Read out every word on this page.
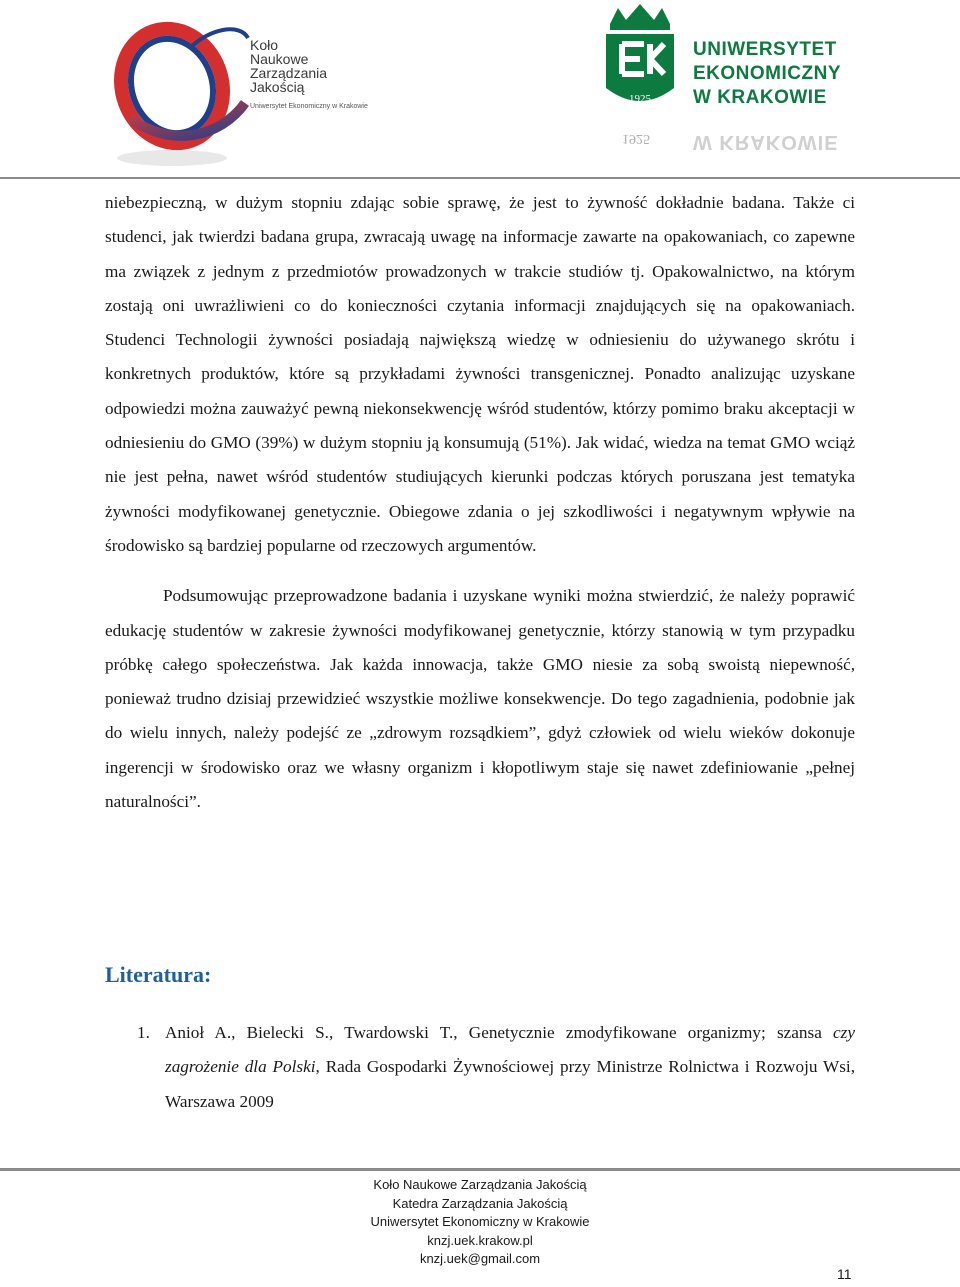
Koło
Naukowe
Zarządzania
Jakością
Uniwersytet Ekonomiczny w Krakowie
1925
UNIWERSYTET
EKONOMICZNY
W KRAKOWIE
1925 W KRAKOWIE

niebezpieczną, w dużym stopniu zdając sobie sprawę, że jest to żywność dokładnie badana. Także ci studenci, jak twierdzi badana grupa, zwracają uwagę na informacje zawarte na opakowaniach, co zapewne ma związek z jednym z przedmiotów prowadzonych w trakcie studiów tj. Opakowalnictwo, na którym zostają oni uwrażliwieni co do konieczności czytania informacji znajdujących się na opakowaniach. Studenci Technologii żywności posiadają największą wiedzę w odniesieniu do używanego skrótu i konkretnych produktów, które są przykładami żywności transgenicznej. Ponadto analizując uzyskane odpowiedzi można zauważyć pewną niekonsekwencję wśród studentów, którzy pomimo braku akceptacji w odniesieniu do GMO (39%) w dużym stopniu ją konsumują (51%). Jak widać, wiedza na temat GMO wciąż nie jest pełna, nawet wśród studentów studiujących kierunki podczas których poruszana jest tematyka żywności modyfikowanej genetycznie. Obiegowe zdania o jej szkodliwości i negatywnym wpływie na środowisko są bardziej popularne od rzeczowych argumentów.

Podsumowując przeprowadzone badania i uzyskane wyniki można stwierdzić, że należy poprawić edukację studentów w zakresie żywności modyfikowanej genetycznie, którzy stanowią w tym przypadku próbkę całego społeczeństwa. Jak każda innowacja, także GMO niesie za sobą swoistą niepewność, ponieważ trudno dzisiaj przewidzieć wszystkie możliwe konsekwencje. Do tego zagadnienia, podobnie jak do wielu innych, należy podejść ze „zdrowym rozsądkiem”, gdyż człowiek od wielu wieków dokonuje ingerencji w środowisko oraz we własny organizm i kłopotliwym staje się nawet zdefiniowanie „pełnej naturalności”.

Literatura:
1. Anioł A., Bielecki S., Twardowski T., Genetycznie zmodyfikowane organizmy; szansa czy zagrożenie dla Polski, Rada Gospodarki Żywnościowej przy Ministrze Rolnictwa i Rozwoju Wsi, Warszawa 2009
Koło Naukowe Zarządzania Jakością
Katedra Zarządzania Jakością
Uniwersytet Ekonomiczny w Krakowie
knzj.uek.krakow.pl
knzj.uek@gmail.com
11
